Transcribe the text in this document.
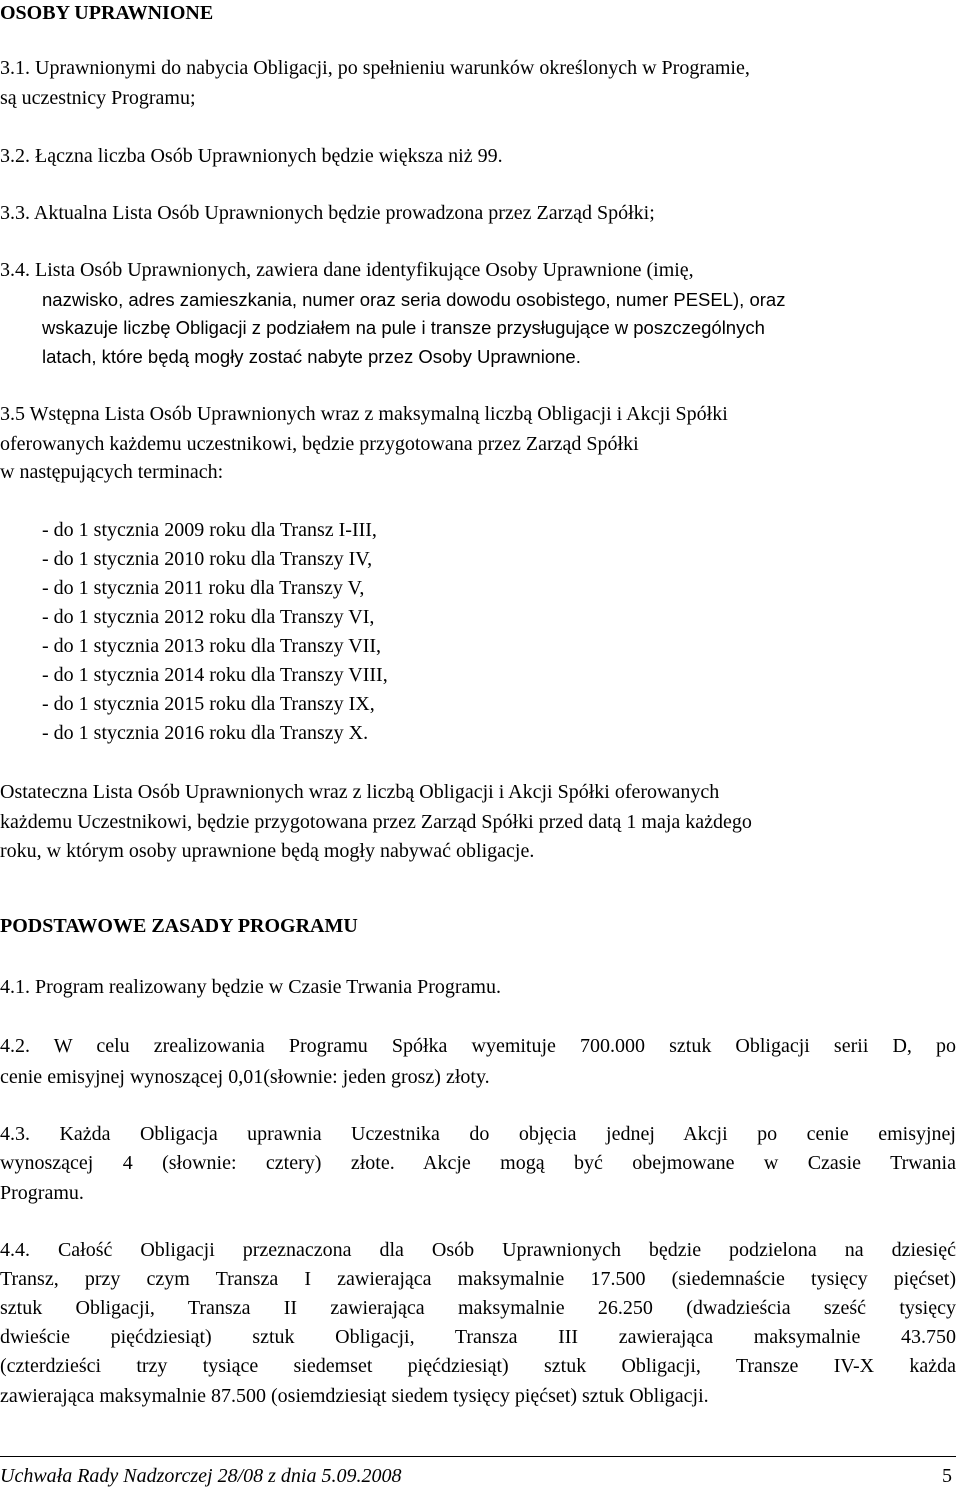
OSOBY UPRAWNIONE
3.1. Uprawnionymi do nabycia Obligacji, po spełnieniu warunków określonych w Programie,
są uczestnicy Programu;
3.2. Łączna liczba Osób Uprawnionych będzie większa niż 99.
3.3. Aktualna Lista Osób Uprawnionych będzie prowadzona przez Zarząd Spółki;
3.4. Lista Osób Uprawnionych, zawiera dane identyfikujące Osoby Uprawnione (imię,
nazwisko, adres zamieszkania, numer oraz seria dowodu osobistego, numer PESEL), oraz
wskazuje liczbę Obligacji z podziałem na pule i transze przysługujące w poszczególnych
latach, które będą mogły zostać nabyte przez Osoby Uprawnione.
3.5 Wstępna Lista Osób Uprawnionych wraz z maksymalną liczbą Obligacji i Akcji Spółki
oferowanych każdemu uczestnikowi, będzie przygotowana przez Zarząd Spółki
w następujących terminach:
- do 1 stycznia 2009 roku dla Transz I-III,
- do 1 stycznia 2010 roku dla Transzy IV,
- do 1 stycznia 2011 roku dla Transzy V,
- do 1 stycznia 2012 roku dla Transzy VI,
- do 1 stycznia 2013 roku dla Transzy VII,
- do 1 stycznia 2014 roku dla Transzy VIII,
- do 1 stycznia 2015 roku dla Transzy IX,
- do 1 stycznia 2016 roku dla Transzy X.
Ostateczna Lista Osób Uprawnionych wraz z liczbą Obligacji i Akcji Spółki oferowanych
każdemu Uczestnikowi, będzie przygotowana przez Zarząd Spółki przed datą 1 maja każdego
roku, w którym osoby uprawnione będą mogły nabywać obligacje.
PODSTAWOWE ZASADY PROGRAMU
4.1. Program realizowany będzie w Czasie Trwania Programu.
4.2. W celu zrealizowania Programu Spółka wyemituje 700.000 sztuk Obligacji serii D, po
cenie emisyjnej wynoszącej 0,01(słownie: jeden grosz) złoty.
4.3. Każda Obligacja uprawnia Uczestnika do objęcia jednej Akcji po cenie emisyjnej
wynoszącej 4 (słownie: cztery) złote. Akcje mogą być obejmowane w Czasie Trwania
Programu.
4.4. Całość Obligacji przeznaczona dla Osób Uprawnionych będzie podzielona na dziesięć
Transz, przy czym Transza I zawierająca maksymalnie 17.500 (siedemnaście tysięcy pięćset)
sztuk Obligacji, Transza II zawierająca maksymalnie 26.250 (dwadzieścia sześć tysięcy
dwieście pięćdziesiąt) sztuk Obligacji, Transza III zawierająca maksymalnie 43.750
(czterdzieści trzy tysiące siedemset pięćdziesiąt) sztuk Obligacji, Transze IV-X każda
zawierająca maksymalnie 87.500 (osiemdziesiąt siedem tysięcy pięćset) sztuk Obligacji.
Uchwała Rady Nadzorczej 28/08 z dnia 5.09.2008	5
